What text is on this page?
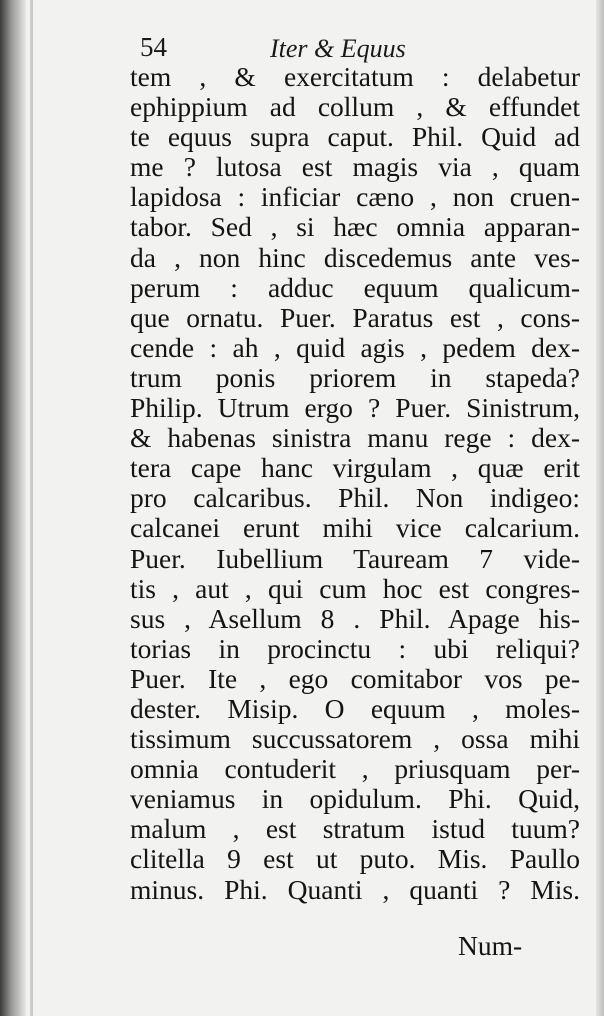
54	Iter & Equus
tem , & exercitatum : delabetur
ephippium ad collum , & effundet
te equus supra caput. Phil. Quid ad
me ? lutosa est magis via , quam
lapidosa : inficiar cæno , non cruen-
tabor. Sed , si hæc omnia apparan-
da , non hinc discedemus ante ves-
perum : adduc equum qualicum-
que ornatu. Puer. Paratus est , cons-
cende : ah , quid agis , pedem dex-
trum ponis priorem in stapeda?
Philip. Utrum ergo ? Puer. Sinistrum,
& habenas sinistra manu rege : dex-
tera cape hanc virgulam , quæ erit
pro calcaribus. Phil. Non indigeo:
calcanei erunt mihi vice calcarium.
Puer. Iubellium Tauream 7 vide-
tis , aut , qui cum hoc est congres-
sus , Asellum 8 . Phil. Apage his-
torias in procinctu : ubi reliqui?
Puer. Ite , ego comitabor vos pe-
dester. Misip. O equum , moles-
tissimum succussatorem , ossa mihi
omnia contuderit , priusquam per-
veniamus in opidulum. Phi. Quid,
malum , est stratum istud tuum?
clitella 9 est ut puto. Mis. Paullo
minus. Phi. Quanti , quanti ? Mis.
Num-
